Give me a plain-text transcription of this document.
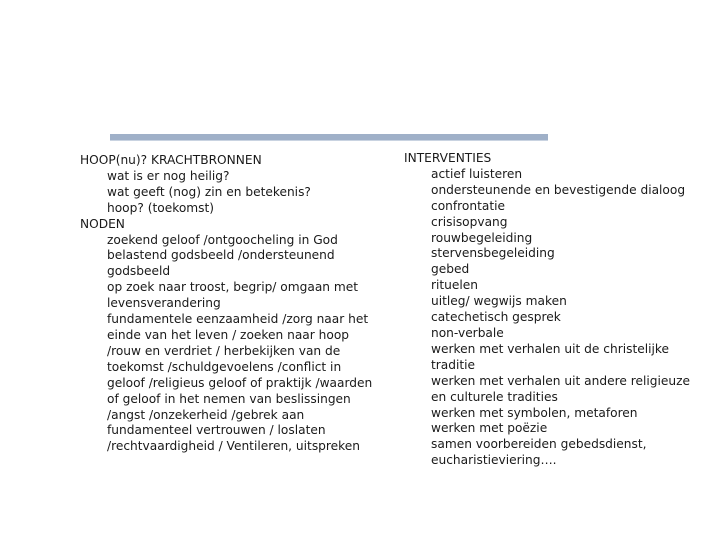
HOOP(nu)? KRACHTBRONNEN
wat is er nog heilig?
wat geeft (nog) zin en betekenis?
hoop? (toekomst)
NODEN
zoekend geloof /ontgoocheling in God
belastend godsbeeld /ondersteunend
godsbeeld
op zoek naar troost, begrip/ omgaan met
levensverandering
fundamentele eenzaamheid /zorg naar het
einde van het leven / zoeken naar hoop
/rouw en verdriet / herbekijken van de
toekomst /schuldgevoelens /conflict in
geloof /religieus geloof of praktijk /waarden
of geloof in het nemen van beslissingen
/angst /onzekerheid /gebrek aan
fundamenteel vertrouwen / loslaten
/rechtvaardigheid / Ventileren, uitspreken
INTERVENTIES
actief luisteren
ondersteunende en bevestigende dialoog
confrontatie
crisisopvang
rouwbegeleiding
stervensbegeleiding
gebed
rituelen
uitleg/ wegwijs maken
catechetisch gesprek
non-verbale
werken met verhalen uit de christelijke
traditie
werken met verhalen uit andere religieuze
en culturele tradities
werken met symbolen, metaforen
werken met poëzie
samen voorbereiden gebedsdienst,
eucharistieviering….
